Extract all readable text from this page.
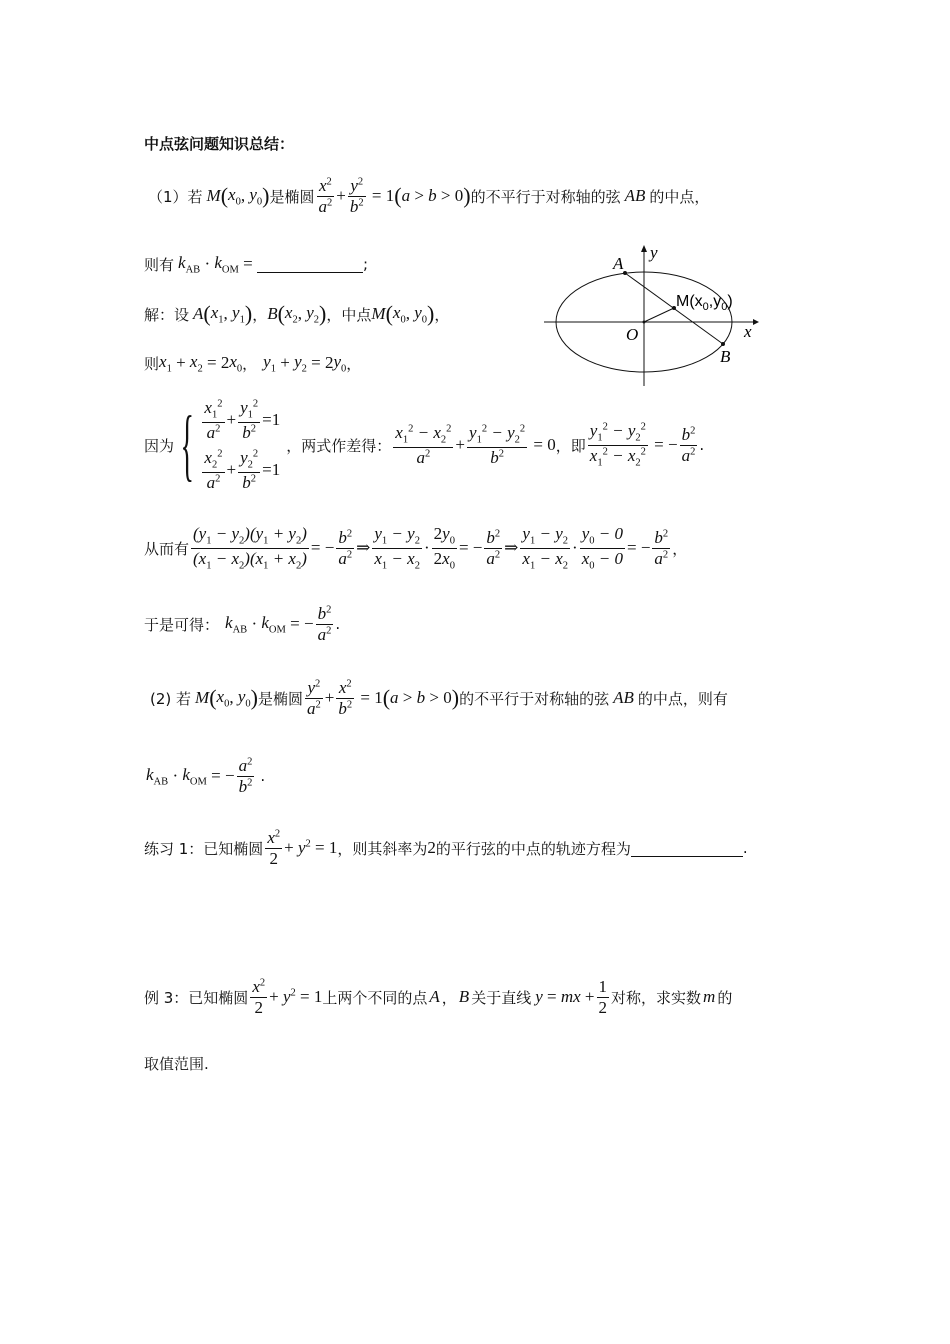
中点弦问题知识总结：
（1）若 M ( $x_0$ , $y_0$ ) 是椭圆 $\frac{x^2}{a^2} + \frac{y^2}{b^2} = 1$ ( a > b > 0 ) 的不平行于对称轴的弦 AB 的中点，
则有 $k_{AB} \cdot k_{OM}$ =	;
解：设 A ( $x_1$ , $y_1$ ) ， B ( $x_2$ , $y_2$ ) ，中点 M ( $x_0$ , $y_0$ ) ，
则 $x_1 + x_2 = 2$ $x_0$ ， $y_1 + y_2 = 2$ $y_0$ ，
y
x
O
A
B
$M(x_0,y_0)$
因为 { $\frac{x_1^2}{a^2} + \frac{y_1^2}{b^2} =1$
$\frac{x_2^2}{a^2} + \frac{y_2^2}{b^2} =1$
，两式作差得： $\frac{x_1^2 - x_2^2}{a^2} + \frac{y_1^2 - y_2^2}{b^2} = 0$ ，即 $\frac{y_1^2 - y_2^2}{x_1^2 - x_2^2}$ = − $\frac{b^2}{a^2}$ .
从而有 $\frac{(y_1 - y_2)(y_1 + y_2)}{(x_1 - x_2)(x_1 + x_2)}$ = − $\frac{b^2}{a^2}$ ⇒ $\frac{y_1 - y_2}{x_1 - x_2} \cdot \frac{2y_0}{2x_0}$ = − $\frac{b^2}{a^2}$ ⇒ $\frac{y_1 - y_2}{x_1 - x_2} \cdot \frac{y_0 - 0}{x_0 - 0}$ = − $\frac{b^2}{a^2}$ ，
于是可得： $k_{AB} \cdot k_{OM}$ = − $\frac{b^2}{a^2}$ .
(2) 若 M ( $x_0$ , $y_0$ ) 是椭圆 $\frac{y^2}{a^2} + \frac{x^2}{b^2} = 1$ ( a > b > 0 ) 的不平行于对称轴的弦 AB 的中点，则有
$k_{AB} \cdot k_{OM}$ = − $\frac{a^2}{b^2}$ .
练习 1：已知椭圆 $\frac{x^2}{2} + y^2 = 1$ ，则其斜率为 2 的平行弦的中点的轨迹方程为	.
例 3：已知椭圆 $\frac{x^2}{2} + y^2 = 1$ 上两个不同的点 A ， B 关于直线 y = mx + $\frac{1}{2}$ 对称，求实数 m 的
取值范围.
